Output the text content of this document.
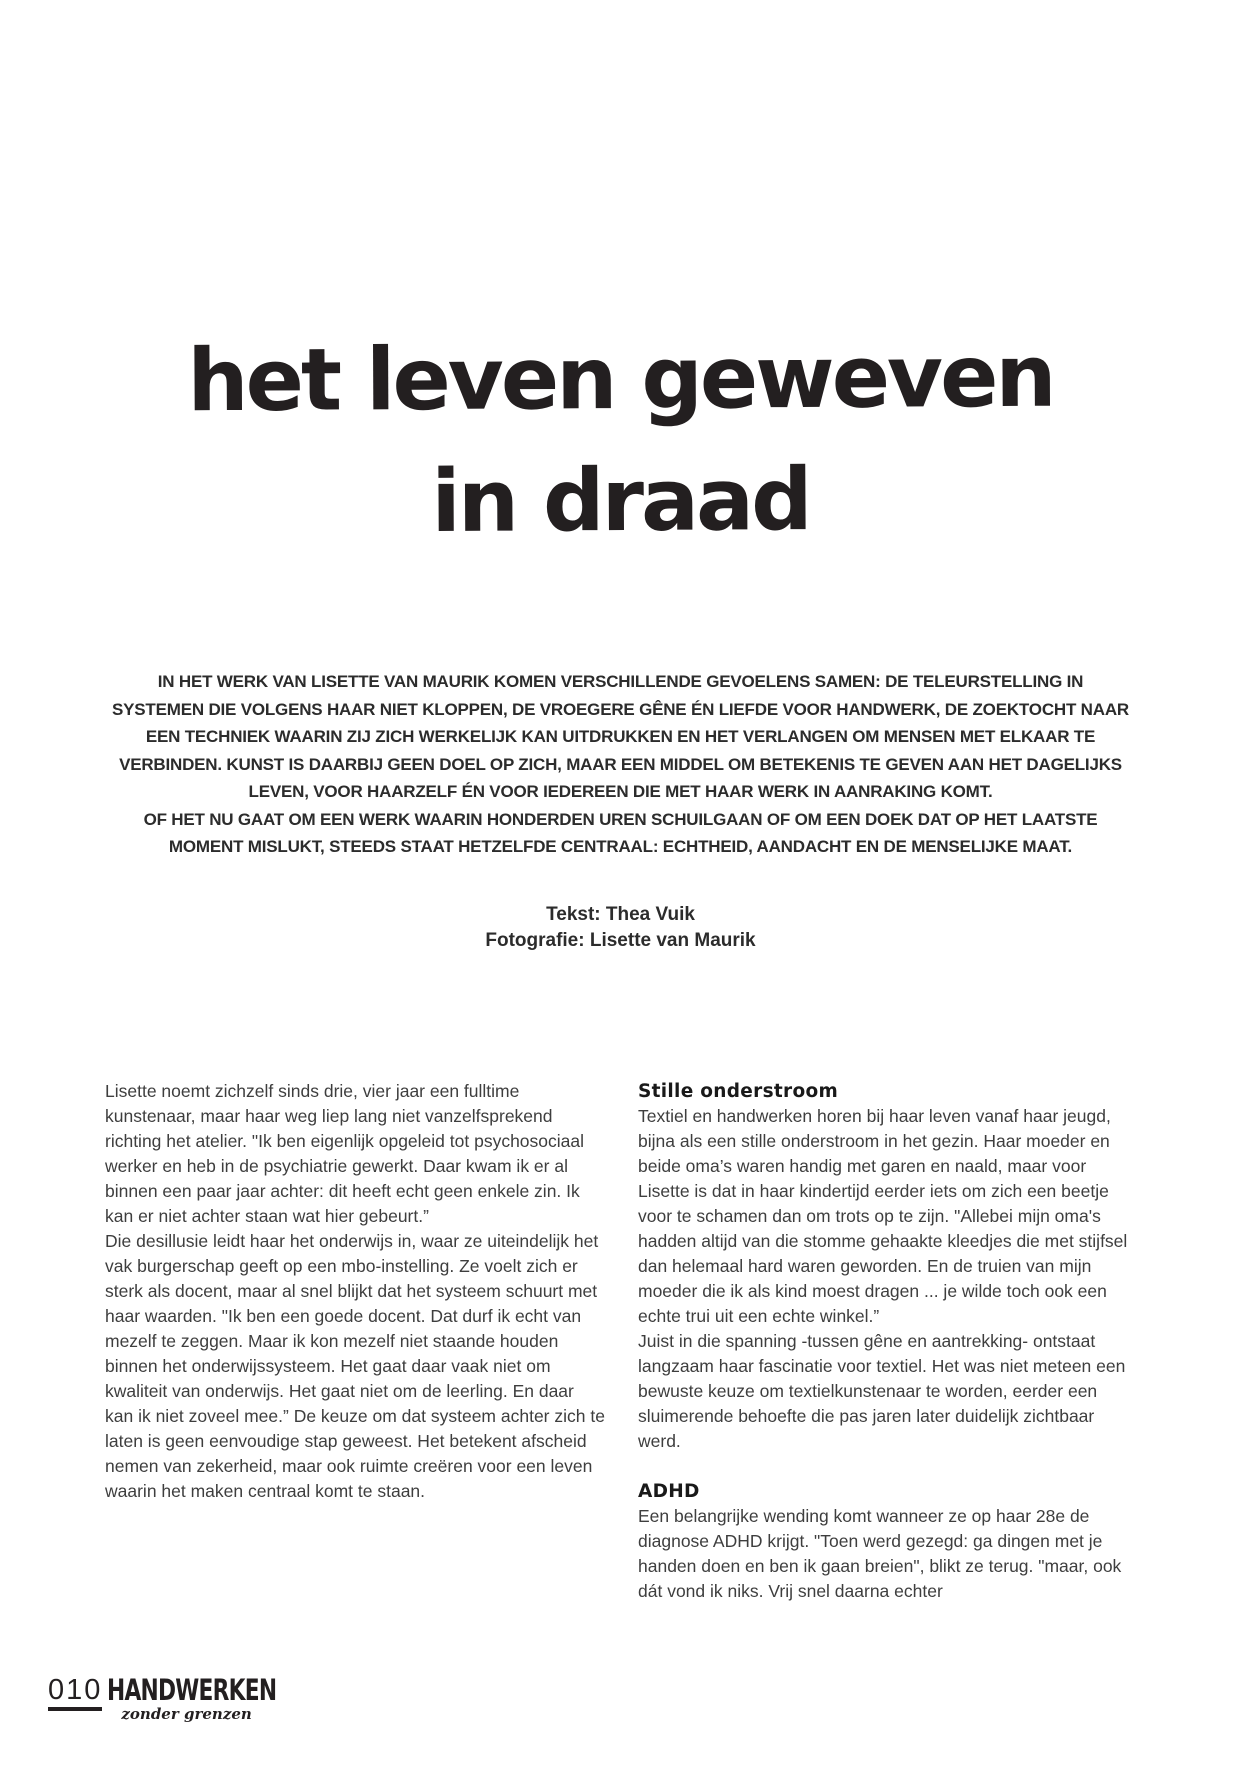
het leven geweven
in draad
IN HET WERK VAN LISETTE VAN MAURIK KOMEN VERSCHILLENDE GEVOELENS SAMEN: DE TELEURSTELLING IN
SYSTEMEN DIE VOLGENS HAAR NIET KLOPPEN, DE VROEGERE GÊNE ÉN LIEFDE VOOR HANDWERK, DE ZOEKTOCHT NAAR
EEN TECHNIEK WAARIN ZIJ ZICH WERKELIJK KAN UITDRUKKEN EN HET VERLANGEN OM MENSEN MET ELKAAR TE
VERBINDEN. KUNST IS DAARBIJ GEEN DOEL OP ZICH, MAAR EEN MIDDEL OM BETEKENIS TE GEVEN AAN HET DAGELIJKS
LEVEN, VOOR HAARZELF ÉN VOOR IEDEREEN DIE MET HAAR WERK IN AANRAKING KOMT.
OF HET NU GAAT OM EEN WERK WAARIN HONDERDEN UREN SCHUILGAAN OF OM EEN DOEK DAT OP HET LAATSTE
MOMENT MISLUKT, STEEDS STAAT HETZELFDE CENTRAAL: ECHTHEID, AANDACHT EN DE MENSELIJKE MAAT.
Tekst: Thea Vuik
Fotografie: Lisette van Maurik

Lisette noemt zichzelf sinds drie, vier jaar een fulltime kunstenaar, maar haar weg liep lang niet vanzelfsprekend richting het atelier. "Ik ben eigenlijk opgeleid tot psychosociaal werker en heb in de psychiatrie gewerkt. Daar kwam ik er al binnen een paar jaar achter: dit heeft echt geen enkele zin. Ik kan er niet achter staan wat hier gebeurt.”

Die desillusie leidt haar het onderwijs in, waar ze uiteindelijk het vak burgerschap geeft op een mbo-instelling. Ze voelt zich er sterk als docent, maar al snel blijkt dat het systeem schuurt met haar waarden. "Ik ben een goede docent. Dat durf ik echt van mezelf te zeggen. Maar ik kon mezelf niet staande houden binnen het onderwijssysteem. Het gaat daar vaak niet om kwaliteit van onderwijs. Het gaat niet om de leerling. En daar kan ik niet zoveel mee.” De keuze om dat systeem achter zich te laten is geen eenvoudige stap geweest. Het betekent afscheid nemen van zekerheid, maar ook ruimte creëren voor een leven waarin het maken centraal komt te staan.

Stille onderstroom

Textiel en handwerken horen bij haar leven vanaf haar jeugd, bijna als een stille onderstroom in het gezin. Haar moeder en beide oma’s waren handig met garen en naald, maar voor Lisette is dat in haar kindertijd eerder iets om zich een beetje voor te schamen dan om trots op te zijn. "Allebei mijn oma's hadden altijd van die stomme gehaakte kleedjes die met stijfsel dan helemaal hard waren geworden. En de truien van mijn moeder die ik als kind moest dragen ... je wilde toch ook een echte trui uit een echte winkel.”

Juist in die spanning -tussen gêne en aantrekking- ontstaat langzaam haar fascinatie voor textiel. Het was niet meteen een bewuste keuze om textielkunstenaar te worden, eerder een sluimerende behoefte die pas jaren later duidelijk zichtbaar werd.

ADHD

Een belangrijke wending komt wanneer ze op haar 28e de diagnose ADHD krijgt. "Toen werd gezegd: ga dingen met je handen doen en ben ik gaan breien", blikt ze terug. "maar, ook dát vond ik niks. Vrij snel daarna echter

010 HANDWERKEN
zonder grenzen
